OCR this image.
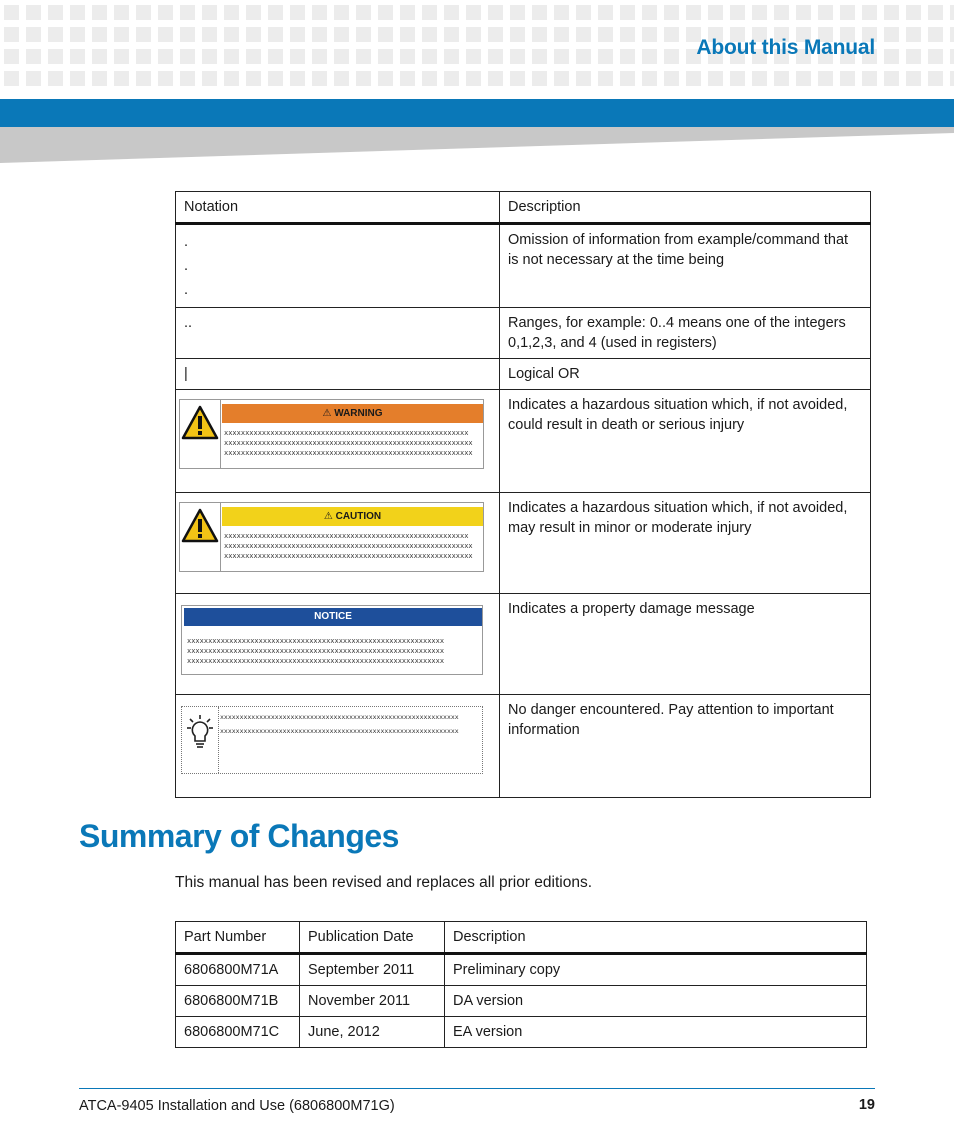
About this Manual
Notation	Description

.
.
.	Omission of information from example/command that is not necessary at the time being
..	Ranges, for example: 0..4 means one of the integers 0,1,2,3, and 4 (used in registers)
|	Logical OR

⚠ WARNING
xxxxxxxxxxxxxxxxxxxxxxxxxxxxxxxxxxxxxxxxxxxxxxxxxxxxxxxxxx
xxxxxxxxxxxxxxxxxxxxxxxxxxxxxxxxxxxxxxxxxxxxxxxxxxxxxxxxxxx
xxxxxxxxxxxxxxxxxxxxxxxxxxxxxxxxxxxxxxxxxxxxxxxxxxxxxxxxxxx	Indicates a hazardous situation which, if not avoided, could result in death or serious injury

⚠ CAUTION
xxxxxxxxxxxxxxxxxxxxxxxxxxxxxxxxxxxxxxxxxxxxxxxxxxxxxxxxxx
xxxxxxxxxxxxxxxxxxxxxxxxxxxxxxxxxxxxxxxxxxxxxxxxxxxxxxxxxxx
xxxxxxxxxxxxxxxxxxxxxxxxxxxxxxxxxxxxxxxxxxxxxxxxxxxxxxxxxxx	Indicates a hazardous situation which, if not avoided, may result in minor or moderate injury

NOTICE
xxxxxxxxxxxxxxxxxxxxxxxxxxxxxxxxxxxxxxxxxxxxxxxxxxxxxxxxxxxxx
xxxxxxxxxxxxxxxxxxxxxxxxxxxxxxxxxxxxxxxxxxxxxxxxxxxxxxxxxxxxx
xxxxxxxxxxxxxxxxxxxxxxxxxxxxxxxxxxxxxxxxxxxxxxxxxxxxxxxxxxxxx	Indicates a property damage message

xxxxxxxxxxxxxxxxxxxxxxxxxxxxxxxxxxxxxxxxxxxxxxxxxxxxxxxxxxxxx
xxxxxxxxxxxxxxxxxxxxxxxxxxxxxxxxxxxxxxxxxxxxxxxxxxxxxxxxxxxxx	No danger encountered. Pay attention to important information
Summary of Changes
This manual has been revised and replaces all prior editions.
Part Number	Publication Date	Description
6806800M71A	September 2011	Preliminary copy
6806800M71B	November 2011	DA version
6806800M71C	June, 2012	EA version
ATCA-9405 Installation and Use (6806800M71G)	19
